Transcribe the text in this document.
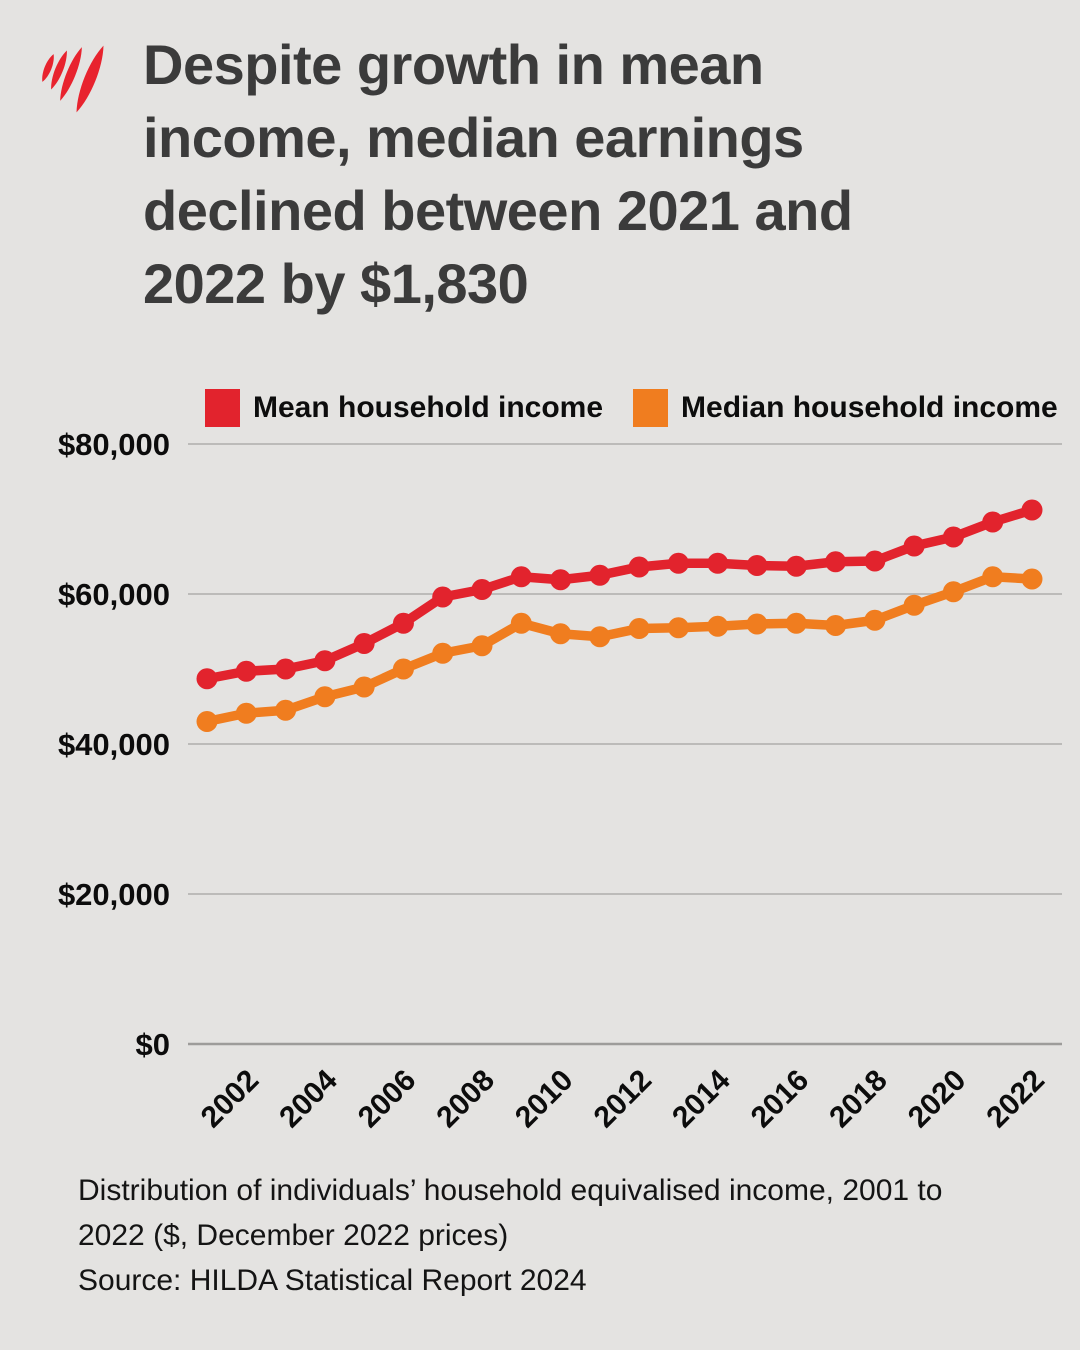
Despite growth in mean
income, median earnings
declined between 2021 and
2022 by $1,830
Mean household income	Median household income
$80,000
$60,000
$40,000
$20,000
$0
2002 2004 2006 2008 2010 2012 2014 2016 2018 2020 2022
Distribution of individuals’ household equivalised income, 2001 to
2022 ($, December 2022 prices)
Source: HILDA Statistical Report 2024
